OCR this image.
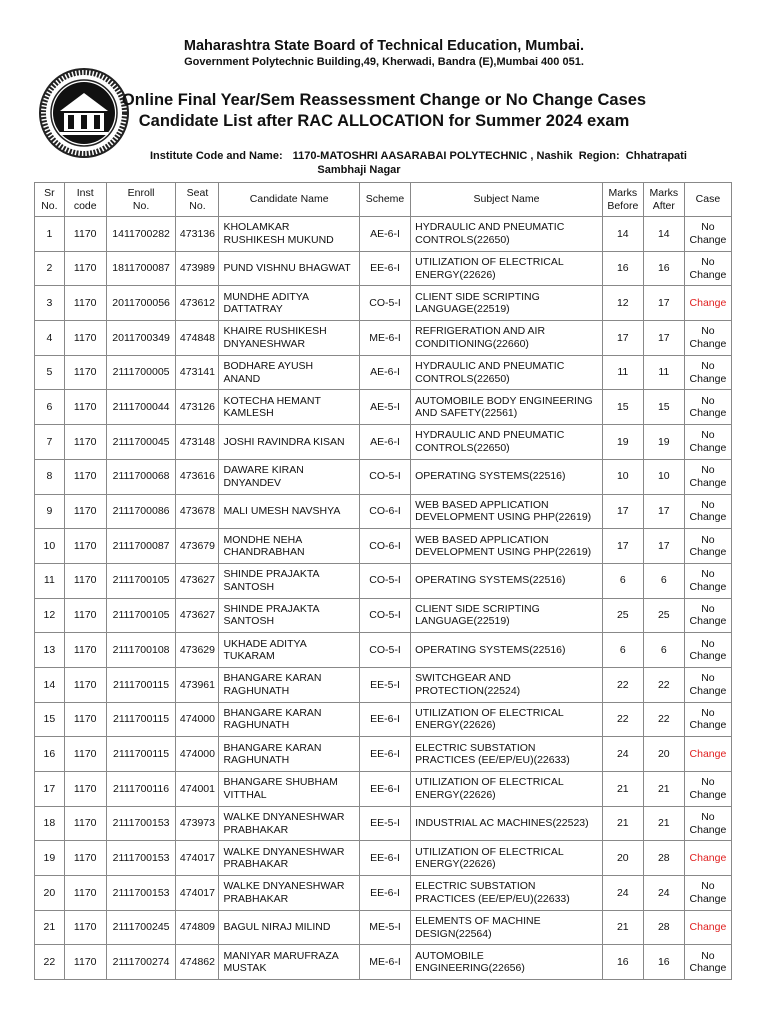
Maharashtra State Board of Technical Education, Mumbai.
Government Polytechnic Building,49, Kherwadi, Bandra (E),Mumbai 400 051.
Online Final Year/Sem Reassessment Change or No Change Cases
Candidate List after RAC ALLOCATION for Summer 2024 exam
Institute Code and Name: 1170-MATOSHRI AASARABAI POLYTECHNIC , Nashik Region: Chhatrapati
Sambhaji Nagar
Sr
No.	Inst
code	Enroll
No.	Seat
No.	Candidate Name	Scheme	Subject Name	Marks
Before	Marks
After	Case
1	1170	1411700282	473136	KHOLAMKAR
RUSHIKESH MUKUND	AE-6-I	HYDRAULIC AND PNEUMATIC
CONTROLS(22650)	14	14	No
Change
2	1170	1811700087	473989	PUND VISHNU BHAGWAT	EE-6-I	UTILIZATION OF ELECTRICAL
ENERGY(22626)	16	16	No
Change
3	1170	2011700056	473612	MUNDHE ADITYA
DATTATRAY	CO-5-I	CLIENT SIDE SCRIPTING
LANGUAGE(22519)	12	17	Change
4	1170	2011700349	474848	KHAIRE RUSHIKESH
DNYANESHWAR	ME-6-I	REFRIGERATION AND AIR
CONDITIONING(22660)	17	17	No
Change
5	1170	2111700005	473141	BODHARE AYUSH
ANAND	AE-6-I	HYDRAULIC AND PNEUMATIC
CONTROLS(22650)	11	11	No
Change
6	1170	2111700044	473126	KOTECHA HEMANT
KAMLESH	AE-5-I	AUTOMOBILE BODY ENGINEERING
AND SAFETY(22561)	15	15	No
Change
7	1170	2111700045	473148	JOSHI RAVINDRA KISAN	AE-6-I	HYDRAULIC AND PNEUMATIC
CONTROLS(22650)	19	19	No
Change
8	1170	2111700068	473616	DAWARE KIRAN
DNYANDEV	CO-5-I	OPERATING SYSTEMS(22516)	10	10	No
Change
9	1170	2111700086	473678	MALI UMESH NAVSHYA	CO-6-I	WEB BASED APPLICATION
DEVELOPMENT USING PHP(22619)	17	17	No
Change
10	1170	2111700087	473679	MONDHE NEHA
CHANDRABHAN	CO-6-I	WEB BASED APPLICATION
DEVELOPMENT USING PHP(22619)	17	17	No
Change
11	1170	2111700105	473627	SHINDE PRAJAKTA
SANTOSH	CO-5-I	OPERATING SYSTEMS(22516)	6	6	No
Change
12	1170	2111700105	473627	SHINDE PRAJAKTA
SANTOSH	CO-5-I	CLIENT SIDE SCRIPTING
LANGUAGE(22519)	25	25	No
Change
13	1170	2111700108	473629	UKHADE ADITYA
TUKARAM	CO-5-I	OPERATING SYSTEMS(22516)	6	6	No
Change
14	1170	2111700115	473961	BHANGARE KARAN
RAGHUNATH	EE-5-I	SWITCHGEAR AND
PROTECTION(22524)	22	22	No
Change
15	1170	2111700115	474000	BHANGARE KARAN
RAGHUNATH	EE-6-I	UTILIZATION OF ELECTRICAL
ENERGY(22626)	22	22	No
Change
16	1170	2111700115	474000	BHANGARE KARAN
RAGHUNATH	EE-6-I	ELECTRIC SUBSTATION
PRACTICES (EE/EP/EU)(22633)	24	20	Change
17	1170	2111700116	474001	BHANGARE SHUBHAM
VITTHAL	EE-6-I	UTILIZATION OF ELECTRICAL
ENERGY(22626)	21	21	No
Change
18	1170	2111700153	473973	WALKE DNYANESHWAR
PRABHAKAR	EE-5-I	INDUSTRIAL AC MACHINES(22523)	21	21	No
Change
19	1170	2111700153	474017	WALKE DNYANESHWAR
PRABHAKAR	EE-6-I	UTILIZATION OF ELECTRICAL
ENERGY(22626)	20	28	Change
20	1170	2111700153	474017	WALKE DNYANESHWAR
PRABHAKAR	EE-6-I	ELECTRIC SUBSTATION
PRACTICES (EE/EP/EU)(22633)	24	24	No
Change
21	1170	2111700245	474809	BAGUL NIRAJ MILIND	ME-5-I	ELEMENTS OF MACHINE
DESIGN(22564)	21	28	Change
22	1170	2111700274	474862	MANIYAR MARUFRAZA
MUSTAK	ME-6-I	AUTOMOBILE
ENGINEERING(22656)	16	16	No
Change
